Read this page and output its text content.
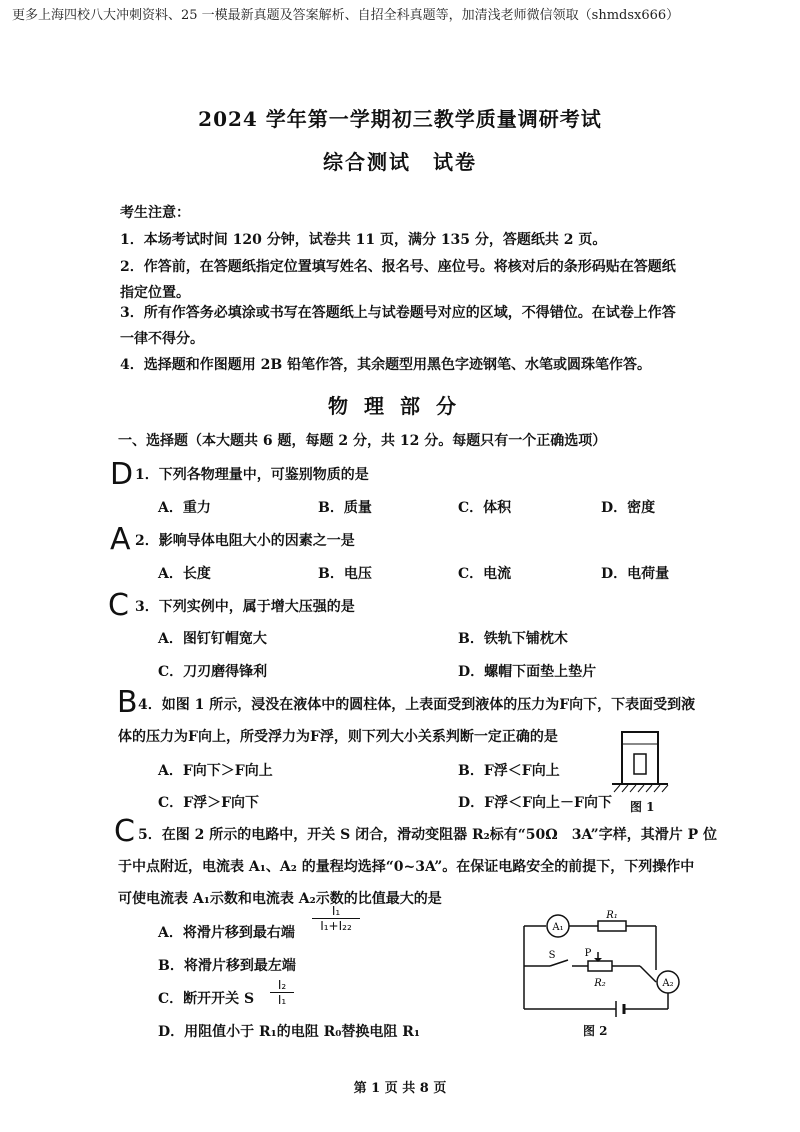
更多上海四校八大冲刺资料、25 一模最新真题及答案解析、自招全科真题等，加清浅老师微信领取（shmdsx666）
2024 学年第一学期初三教学质量调研考试
综合测试　试卷
考生注意：
1．本场考试时间 120 分钟，试卷共 11 页，满分 135 分，答题纸共 2 页。
2．作答前，在答题纸指定位置填写姓名、报名号、座位号。将核对后的条形码贴在答题纸
指定位置。
3．所有作答务必填涂或书写在答题纸上与试卷题号对应的区域，不得错位。在试卷上作答
一律不得分。
4．选择题和作图题用 2B 铅笔作答，其余题型用黑色字迹钢笔、水笔或圆珠笔作答。
物理部分
一、选择题（本大题共 6 题，每题 2 分，共 12 分。每题只有一个正确选项）
D 1．下列各物理量中，可鉴别物质的是
A．重力	B．质量	C．体积	D．密度
A 2．影响导体电阻大小的因素之一是
A．长度	B．电压	C．电流	D．电荷量
C 3．下列实例中，属于增大压强的是
A．图钉钉帽宽大	B．铁轨下铺枕木
C．刀刃磨得锋利	D．螺帽下面垫上垫片
B 4．如图 1 所示，浸没在液体中的圆柱体，上表面受到液体的压力为F向下，下表面受到液
体的压力为F向上，所受浮力为F浮，则下列大小关系判断一定正确的是
A．F向下＞F向上	B．F浮＜F向上
C．F浮＞F向下	D．F浮＜F向上－F向下 图 1
C 5．在图 2 所示的电路中，开关 S 闭合，滑动变阻器 R₂标有“50Ω　3A”字样，其滑片 P 位
于中点附近，电流表 A₁、A₂ 的量程均选择“0~3A”。在保证电路安全的前提下，下列操作中
可使电流表 A₁示数和电流表 A₂示数的比值最大的是
A．将滑片移到最右端
B．将滑片移到最左端
C．断开开关 S
D．用阻值小于 R₁的电阻 R₀替换电阻 R₁
I₁
I₁+I₂₂
I₂
I₁
A₁
A₂
R₁
R₂
S	P
图 2
第 1 页 共 8 页
